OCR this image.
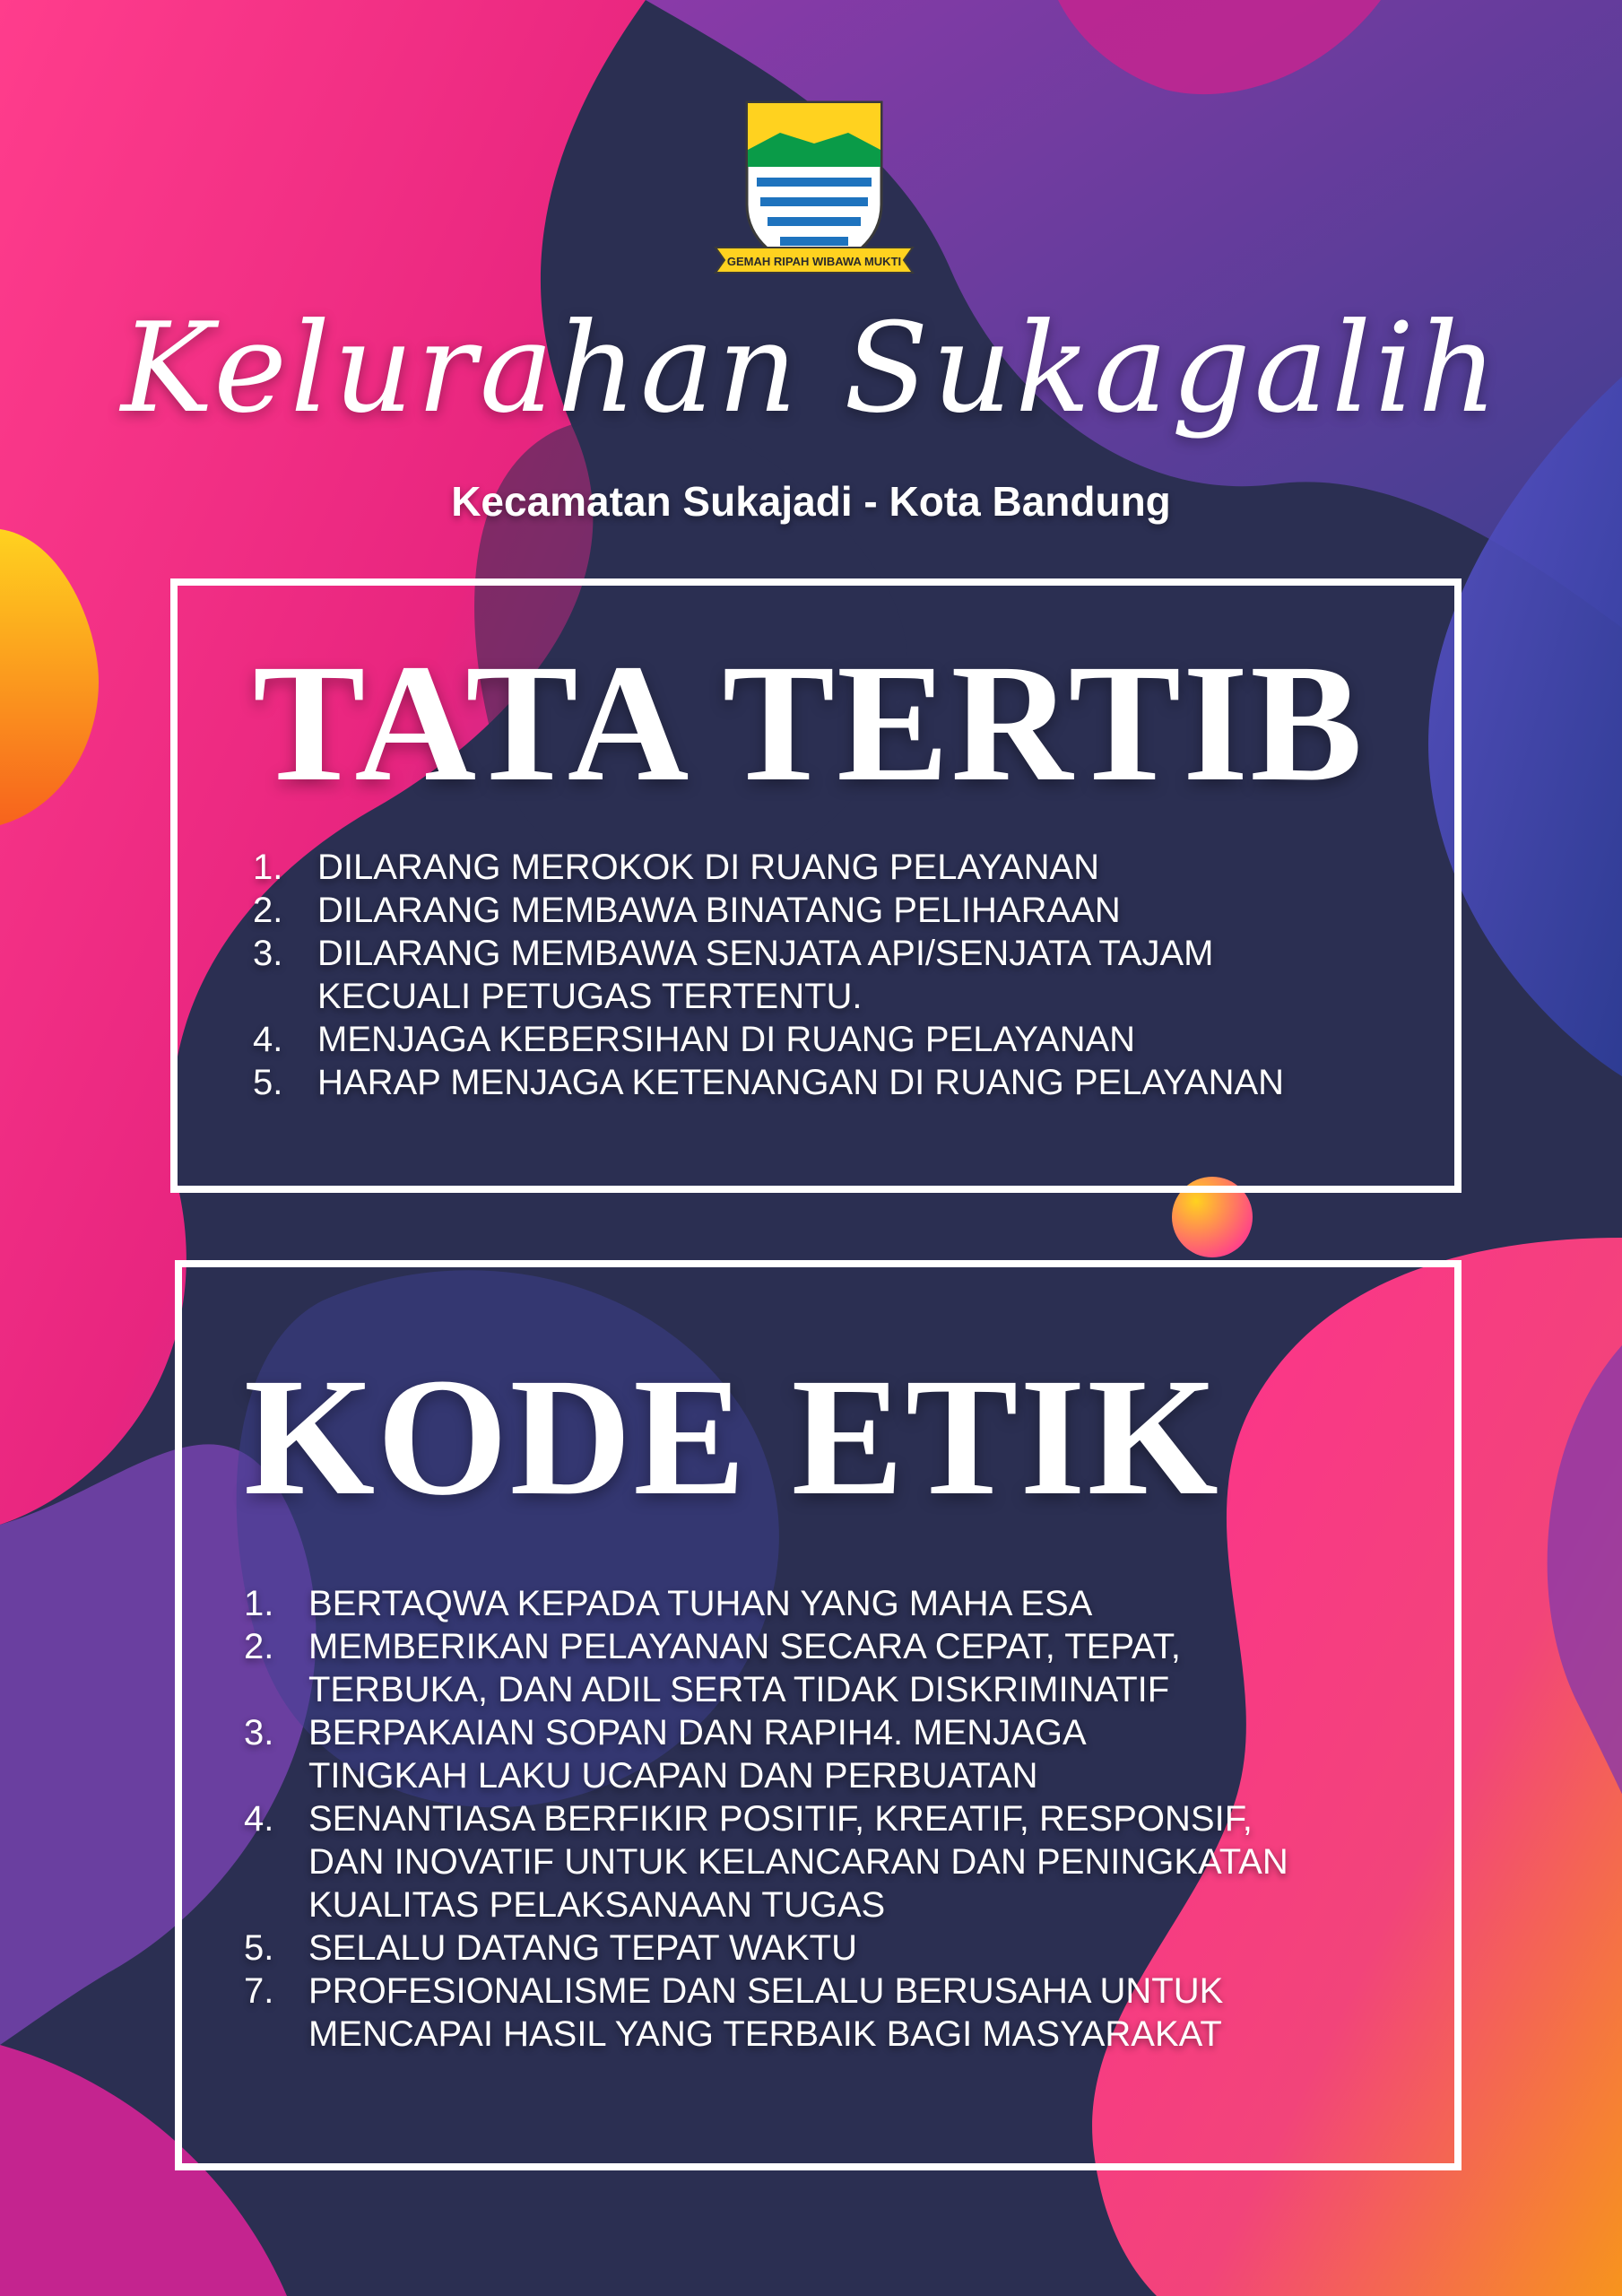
GEMAH RIPAH WIBAWA MUKTI
Kelurahan Sukagalih
Kecamatan Sukajadi - Kota Bandung
TATA TERTIB
1. DILARANG MEROKOK DI RUANG PELAYANAN
2. DILARANG MEMBAWA BINATANG PELIHARAAN
3. DILARANG MEMBAWA SENJATA API/SENJATA TAJAM
KECUALI PETUGAS TERTENTU.
4. MENJAGA KEBERSIHAN DI RUANG PELAYANAN
5. HARAP MENJAGA KETENANGAN DI RUANG PELAYANAN
KODE ETIK
1. BERTAQWA KEPADA TUHAN YANG MAHA ESA
2. MEMBERIKAN PELAYANAN SECARA CEPAT, TEPAT,
TERBUKA, DAN ADIL SERTA TIDAK DISKRIMINATIF
3. BERPAKAIAN SOPAN DAN RAPIH4. MENJAGA
TINGKAH LAKU UCAPAN DAN PERBUATAN
4. SENANTIASA BERFIKIR POSITIF, KREATIF, RESPONSIF,
DAN INOVATIF UNTUK KELANCARAN DAN PENINGKATAN
KUALITAS PELAKSANAAN TUGAS
5. SELALU DATANG TEPAT WAKTU
7. PROFESIONALISME DAN SELALU BERUSAHA UNTUK
MENCAPAI HASIL YANG TERBAIK BAGI MASYARAKAT
